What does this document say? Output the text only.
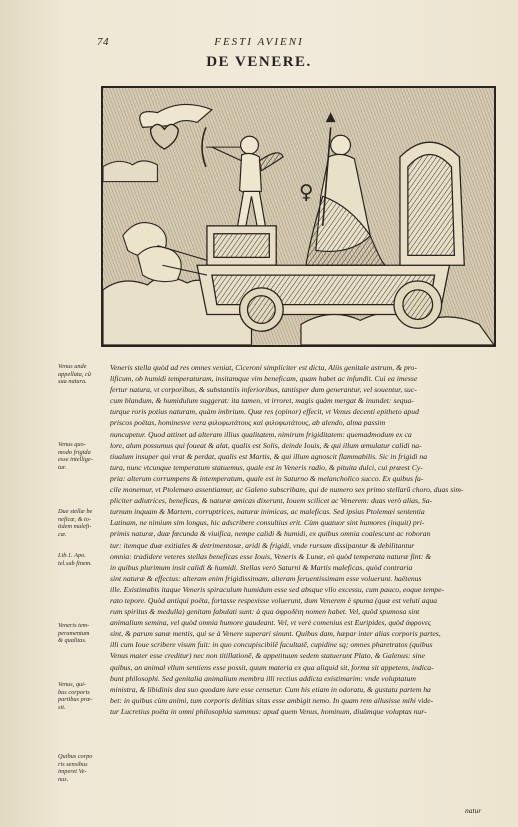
74	FESTI AVIENI
DE VENERE.
♀
Venus unde
appellata, cũ
sua natura.
Venus quo-
modo frigida
esse intellige-
tur.
Due stellæ be
neficæ, & to-
tidem malefi-
cæ.
Lib.1. Apo.
tel.sub finem.
Veneris tem-
peramentum
& qualitas.
Venus, qui-
bus corporis
partibus præ-
sit.
Quibus corpo
ris sensibus
imperet Ve-
nus.

Veneris stella quòd ad res omnes veniat, Ciceroni simpliciter est dicta, Aliis genitale astrum, & pro-

lificum, ob humidi temperaturam, insitamque vim beneficam, quam habet ac infundit. Cui ea imesse

fertur natura, vt corporibus, & substantiis inferioribus, tantisper dum generantur, vel souentur, suc-

cum blandum, & humidulum suggerat: ita tamen, vt irroret, magis quàm mergat & inundet: sequa-

turque roris potius naturam, quàm imbrium. Quæ res (opinor) effecit, vt Venus decenti epitheto apud

priscos poëtas, hominesve vera φιλοφωτάτους καὶ φιλοφωτάτους, ab alendo, alma passim

nuncupetur. Quod attinet ad alteram illius qualitatem, nimirum frigiditatem: quemadmodum ex ca

lore, alum possumus qui foueat & alat, qualis est Solis, deinde Iouis, & qui illum æmulatur calidi na-

tiualum insuper qui vrat & perdat, qualis est Martis, & qui illum agnoscit flammabilis. Sic in frigidi na

tura, nunc vtcunque temperatum statuemus, quale est in Veneris radio, & pituita dulci, cui præest Cy-

pria: alterum corrumpens & intemperatum, quale est in Saturno & melancholico succo. Ex quibus fa-

cile monemur, vt Ptolemæo assentiamur, ac Galeno subscribam, qui de numero sex primo stellarũ choro, duas sim-

pliciter adiutrices, beneficas, & naturæ amicas dixerunt, Iouem scilicet ac Venerem: duas verò alias, Sa-

turnum inquam & Martem, corruptrices, naturæ inimicas, ac maleficas. Sed ipsius Ptolemæi sententia

Latinam, ne nimium sim longus, hic adscribere consultius erit. Cùm quatuor sint humores (inquit) pri-

primis naturæ, duæ fœcunda & viuifica, nempe calidi & humidi, ex quibus omnia coalescunt ac roboran

tur: itemque duæ exitiales & detrimentosæ, aridi & frigidi, vnde rursum dissipantur & debilitantur

omnia: tradidere veteres stellas beneficas esse Iouis, Veneris & Lunæ, eò quòd temperata naturæ fint: &

in quibus plurimum insit calidi & humidi. Stellas verò Saturni & Martis maleficas, quòd contraria

sint naturæ & effectus: alteram enim frigidissimam, alteram feruentissimam esse voluerunt. haëtenus

ille. Existimabis itaque Veneris spiraculum humidum esse sed absque vllo excessu, cum pauco, eoque tempe-

rato tepore. Quòd antiqui poëta, fortasse respexisse voluerunt, dum Venerem è spuma (quæ est veluti aqua

rum spiritus & medulla) genitam fabulati sunt: à qua ἀφροδίτη nomen habet. Vel, quòd spumosa sint

animalium semina, vel quòd omnia humore gaudeant. Vel, vt verè comenius est Euripides, quòd ἀφρονες

sint, & parum sanæ mentis, qui se à Venere superari sinunt. Quibus dam, hæpar inter alias corporis partes,

illi cum Ioue scribere visum fuit: in quo concupiscibilē facultatē, cupidine sq; omnes pharetratos (quibus

Venus mater esse creditur) nec non titillationē, & appetituum sedem statuerunt Plato, & Galenus: sine

quibus, an animal vllum sentiens esse possit, quum materia ex qua aliquid sit, forma sit appetens, indica-

bunt philosophi. Sed genitalia animalium membra illi rectius addicta existimarim: vnde voluptatum

ministra, & libidinis dea suo quodam iure esse censetur. Cum his etiam in odoratu, & gustatu partem ha

bet: in quibus cùm animi, tum corporis delitias sitas esse ambigit nemo. In quam rem allusisse mihi vide-

tur Lucretius poëta in omni philosophia summus: apud quem Venus, hominum, diuûmque voluptas nur-

natur
